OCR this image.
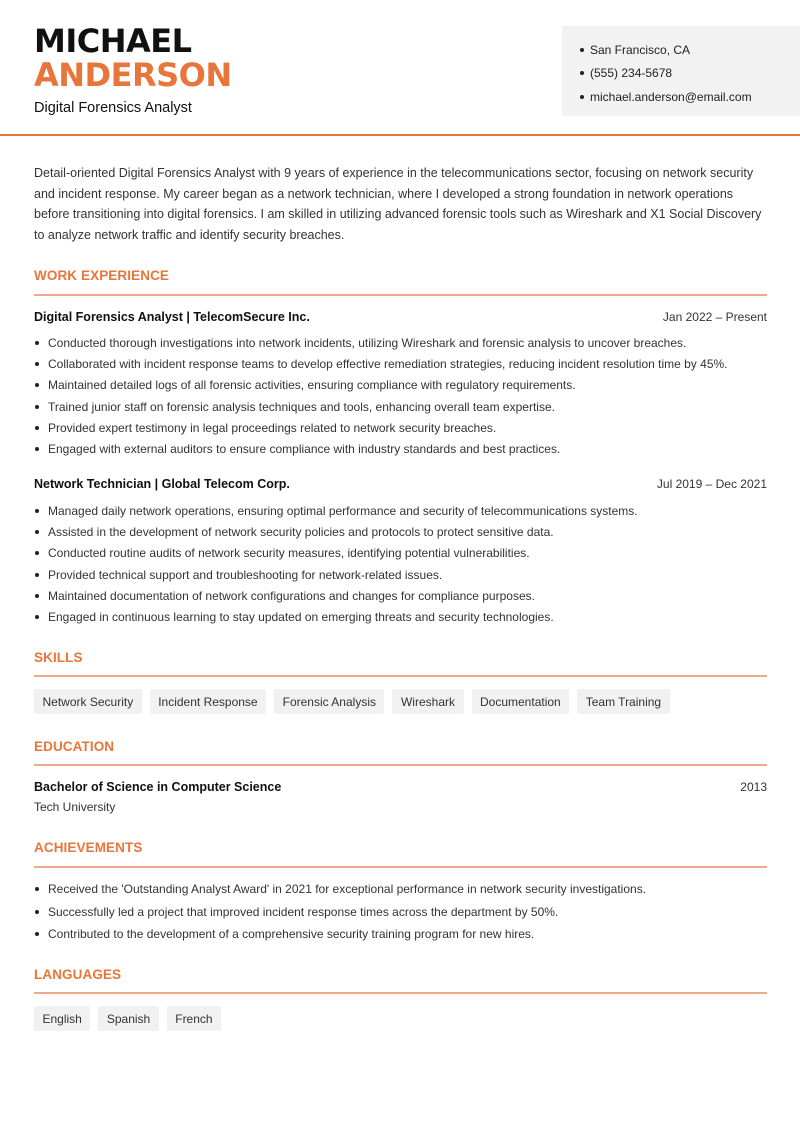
MICHAEL
ANDERSON
Digital Forensics Analyst
San Francisco, CA
(555) 234-5678
michael.anderson@email.com

Detail-oriented Digital Forensics Analyst with 9 years of experience in the telecommunications sector, focusing on network security and incident response. My career began as a network technician, where I developed a strong foundation in network operations before transitioning into digital forensics. I am skilled in utilizing advanced forensic tools such as Wireshark and X1 Social Discovery to analyze network traffic and identify security breaches.

WORK EXPERIENCE
Digital Forensics Analyst | TelecomSecure Inc.	Jan 2022 – Present
Conducted thorough investigations into network incidents, utilizing Wireshark and forensic analysis to uncover breaches.
Collaborated with incident response teams to develop effective remediation strategies, reducing incident resolution time by 45%.
Maintained detailed logs of all forensic activities, ensuring compliance with regulatory requirements.
Trained junior staff on forensic analysis techniques and tools, enhancing overall team expertise.
Provided expert testimony in legal proceedings related to network security breaches.
Engaged with external auditors to ensure compliance with industry standards and best practices.
Network Technician | Global Telecom Corp.	Jul 2019 – Dec 2021
Managed daily network operations, ensuring optimal performance and security of telecommunications systems.
Assisted in the development of network security policies and protocols to protect sensitive data.
Conducted routine audits of network security measures, identifying potential vulnerabilities.
Provided technical support and troubleshooting for network-related issues.
Maintained documentation of network configurations and changes for compliance purposes.
Engaged in continuous learning to stay updated on emerging threats and security technologies.
SKILLS
Network Security	Incident Response	Forensic Analysis	Wireshark	Documentation	Team Training
EDUCATION
Bachelor of Science in Computer Science	2013
Tech University
ACHIEVEMENTS
Received the 'Outstanding Analyst Award' in 2021 for exceptional performance in network security investigations.
Successfully led a project that improved incident response times across the department by 50%.
Contributed to the development of a comprehensive security training program for new hires.
LANGUAGES
English	Spanish	French
